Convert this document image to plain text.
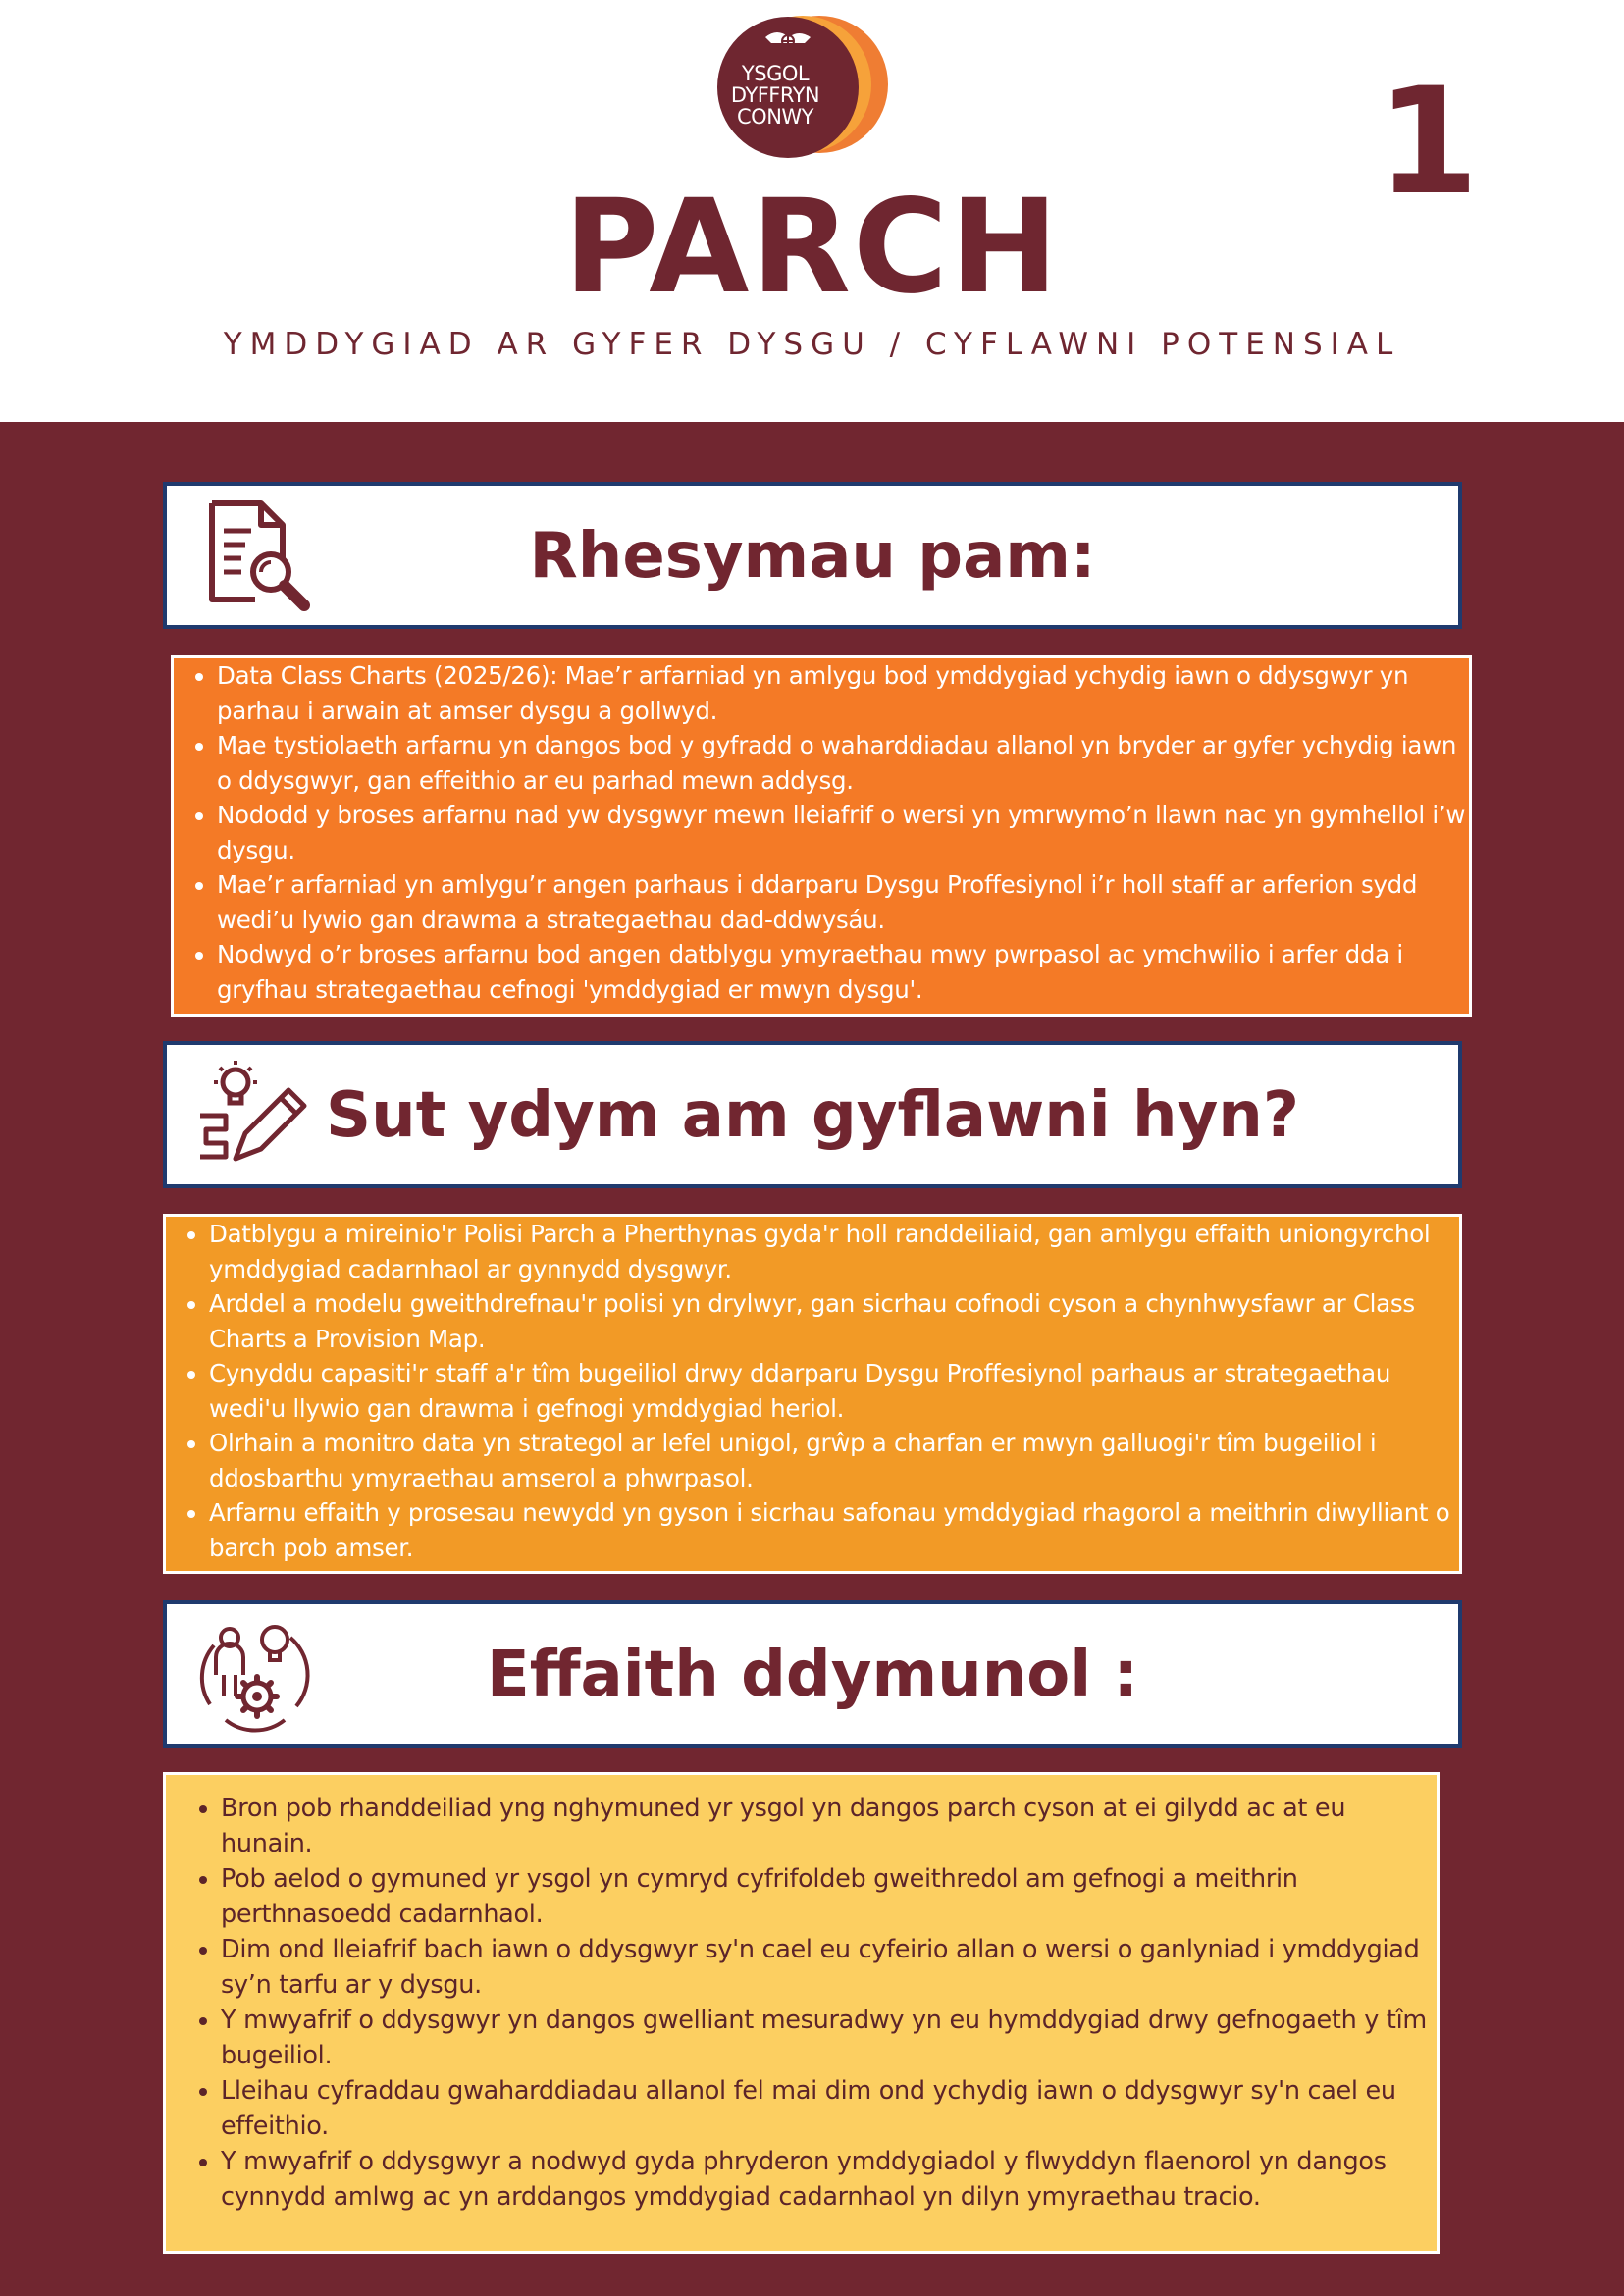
YSGOL
DYFFRYN
CONWY	1
PARCH
YMDDYGIAD AR GYFER DYSGU / CYFLAWNI POTENSIAL
Rhesymau pam:
• Data Class Charts (2025/26): Mae’r arfarniad yn amlygu bod ymddygiad ychydig iawn o ddysgwyr yn parhau i arwain at amser dysgu a gollwyd.
• Mae tystiolaeth arfarnu yn dangos bod y gyfradd o waharddiadau allanol yn bryder ar gyfer ychydig iawn o ddysgwyr, gan effeithio ar eu parhad mewn addysg.
• Nododd y broses arfarnu nad yw dysgwyr mewn lleiafrif o wersi yn ymrwymo’n llawn nac yn gymhellol i’w dysgu.
• Mae’r arfarniad yn amlygu’r angen parhaus i ddarparu Dysgu Proffesiynol i’r holl staff ar arferion sydd wedi’u lywio gan drawma a strategaethau dad-ddwysáu.
• Nodwyd o’r broses arfarnu bod angen datblygu ymyraethau mwy pwrpasol ac ymchwilio i arfer dda i gryfhau strategaethau cefnogi 'ymddygiad er mwyn dysgu'.
Sut ydym am gyflawni hyn?
• Datblygu a mireinio'r Polisi Parch a Pherthynas gyda'r holl randdeiliaid, gan amlygu effaith uniongyrchol ymddygiad cadarnhaol ar gynnydd dysgwyr.
• Arddel a modelu gweithdrefnau'r polisi yn drylwyr, gan sicrhau cofnodi cyson a chynhwysfawr ar Class Charts a Provision Map.
• Cynyddu capasiti'r staff a'r tîm bugeiliol drwy ddarparu Dysgu Proffesiynol parhaus ar strategaethau wedi'u llywio gan drawma i gefnogi ymddygiad heriol.
• Olrhain a monitro data yn strategol ar lefel unigol, grŵp a charfan er mwyn galluogi'r tîm bugeiliol i ddosbarthu ymyraethau amserol a phwrpasol.
• Arfarnu effaith y prosesau newydd yn gyson i sicrhau safonau ymddygiad rhagorol a meithrin diwylliant o barch pob amser.
Effaith ddymunol :
• Bron pob rhanddeiliad yng nghymuned yr ysgol yn dangos parch cyson at ei gilydd ac at eu hunain.
• Pob aelod o gymuned yr ysgol yn cymryd cyfrifoldeb gweithredol am gefnogi a meithrin perthnasoedd cadarnhaol.
• Dim ond lleiafrif bach iawn o ddysgwyr sy'n cael eu cyfeirio allan o wersi o ganlyniad i ymddygiad sy’n tarfu ar y dysgu.
• Y mwyafrif o ddysgwyr yn dangos gwelliant mesuradwy yn eu hymddygiad drwy gefnogaeth y tîm bugeiliol.
• Lleihau cyfraddau gwaharddiadau allanol fel mai dim ond ychydig iawn o ddysgwyr sy'n cael eu effeithio.
• Y mwyafrif o ddysgwyr a nodwyd gyda phryderon ymddygiadol y flwyddyn flaenorol yn dangos cynnydd amlwg ac yn arddangos ymddygiad cadarnhaol yn dilyn ymyraethau tracio.
